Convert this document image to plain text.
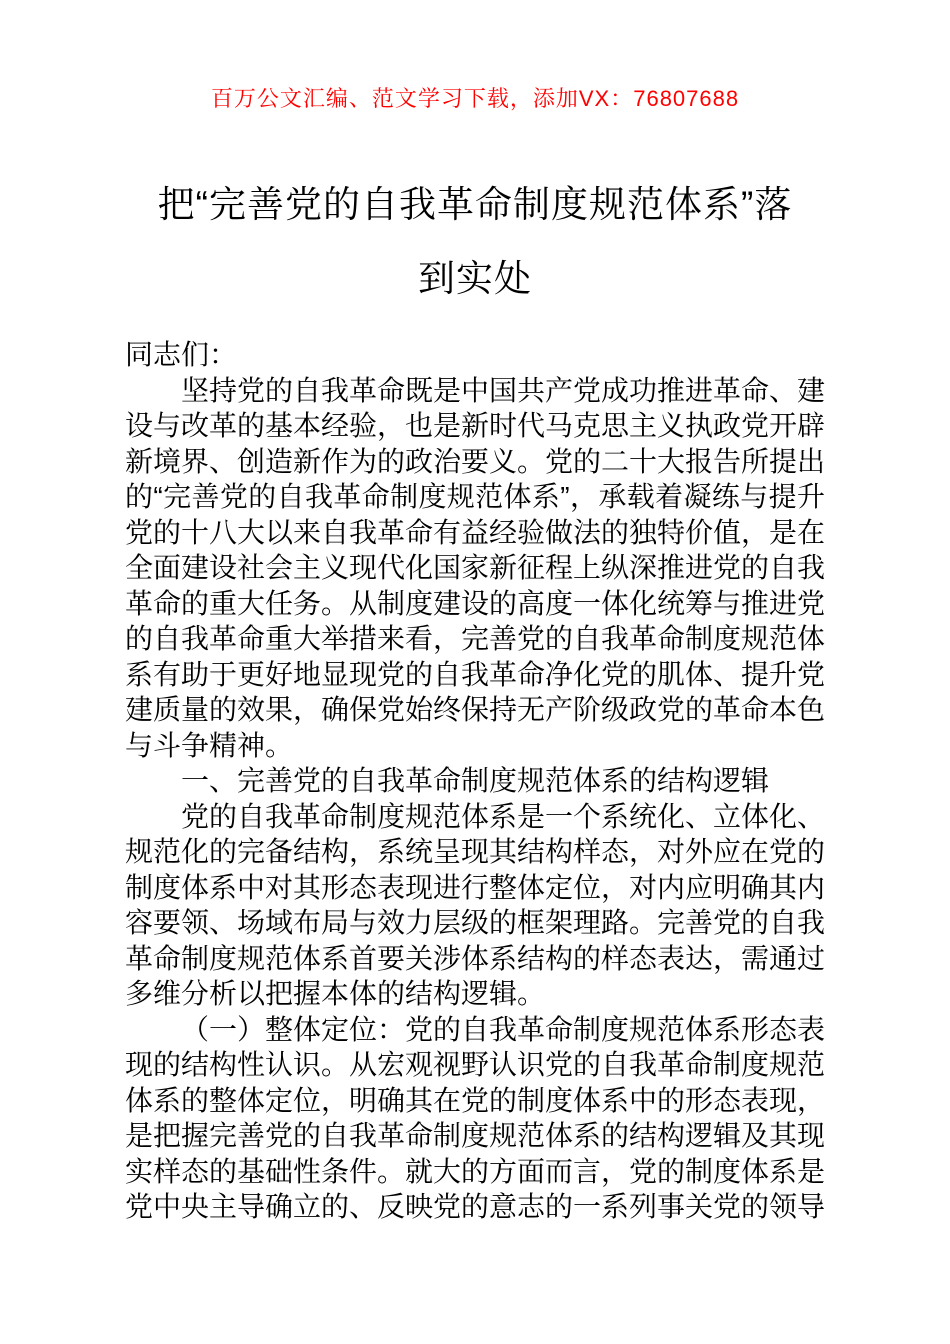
百万公文汇编、范文学习下载，添加VX：76807688
把“完善党的自我革命制度规范体系”落
到实处

同志们：

坚持党的自我革命既是中国共产党成功推进革命、建设与改革的基本经验，也是新时代马克思主义执政党开辟新境界、创造新作为的政治要义。党的二十大报告所提出的“完善党的自我革命制度规范体系”，承载着凝练与提升党的十八大以来自我革命有益经验做法的独特价值，是在全面建设社会主义现代化国家新征程上纵深推进党的自我革命的重大任务。从制度建设的高度一体化统筹与推进党的自我革命重大举措来看，完善党的自我革命制度规范体系有助于更好地显现党的自我革命净化党的肌体、提升党建质量的效果，确保党始终保持无产阶级政党的革命本色与斗争精神。

一、完善党的自我革命制度规范体系的结构逻辑

党的自我革命制度规范体系是一个系统化、立体化、规范化的完备结构，系统呈现其结构样态，对外应在党的制度体系中对其形态表现进行整体定位，对内应明确其内容要领、场域布局与效力层级的框架理路。完善党的自我革命制度规范体系首要关涉体系结构的样态表达，需通过多维分析以把握本体的结构逻辑。

（一）整体定位：党的自我革命制度规范体系形态表现的结构性认识。从宏观视野认识党的自我革命制度规范体系的整体定位，明确其在党的制度体系中的形态表现，是把握完善党的自我革命制度规范体系的结构逻辑及其现实样态的基础性条件。就大的方面而言，党的制度体系是党中央主导确立的、反映党的意志的一系列事关党的领导
